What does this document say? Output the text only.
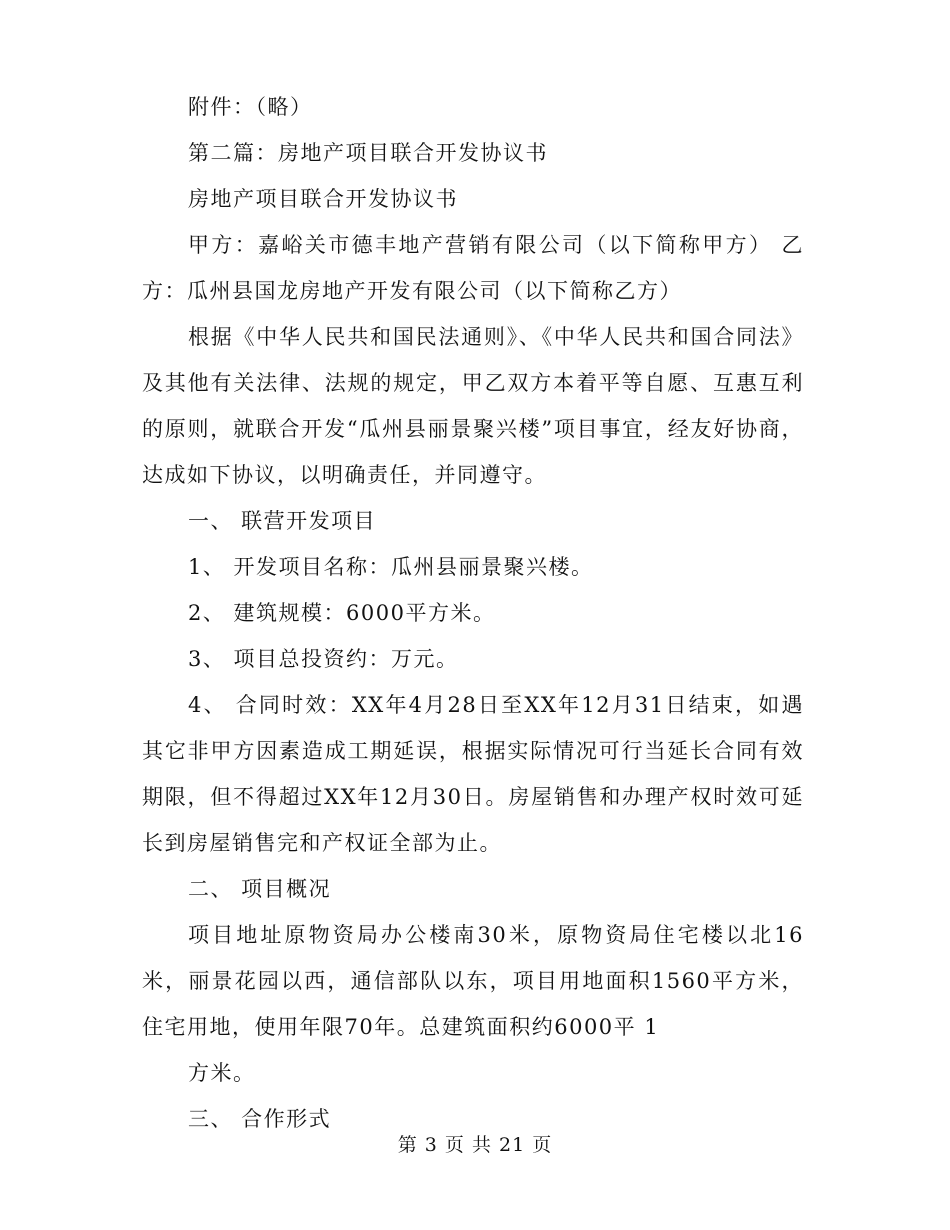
附件：（略）

第二篇：房地产项目联合开发协议书

房地产项目联合开发协议书

甲方：嘉峪关市德丰地产营销有限公司（以下简称甲方） 乙方：瓜州县国龙房地产开发有限公司（以下简称乙方）

根据《中华人民共和国民法通则》、《中华人民共和国合同法》及其他有关法律、法规的规定，甲乙双方本着平等自愿、互惠互利的原则，就联合开发“瓜州县丽景聚兴楼”项目事宜，经友好协商，达成如下协议，以明确责任，并同遵守。

一、 联营开发项目

1、 开发项目名称：瓜州县丽景聚兴楼。

2、 建筑规模：6000平方米。

3、 项目总投资约：万元。

4、 合同时效：XX年4月28日至XX年12月31日结束，如遇其它非甲方因素造成工期延误，根据实际情况可行当延长合同有效期限，但不得超过XX年12月30日。房屋销售和办理产权时效可延长到房屋销售完和产权证全部为止。

二、 项目概况

项目地址原物资局办公楼南30米，原物资局住宅楼以北16米，丽景花园以西，通信部队以东，项目用地面积1560平方米，住宅用地，使用年限70年。总建筑面积约6000平 1

方米。

三、 合作形式

第 3 页 共 21 页
